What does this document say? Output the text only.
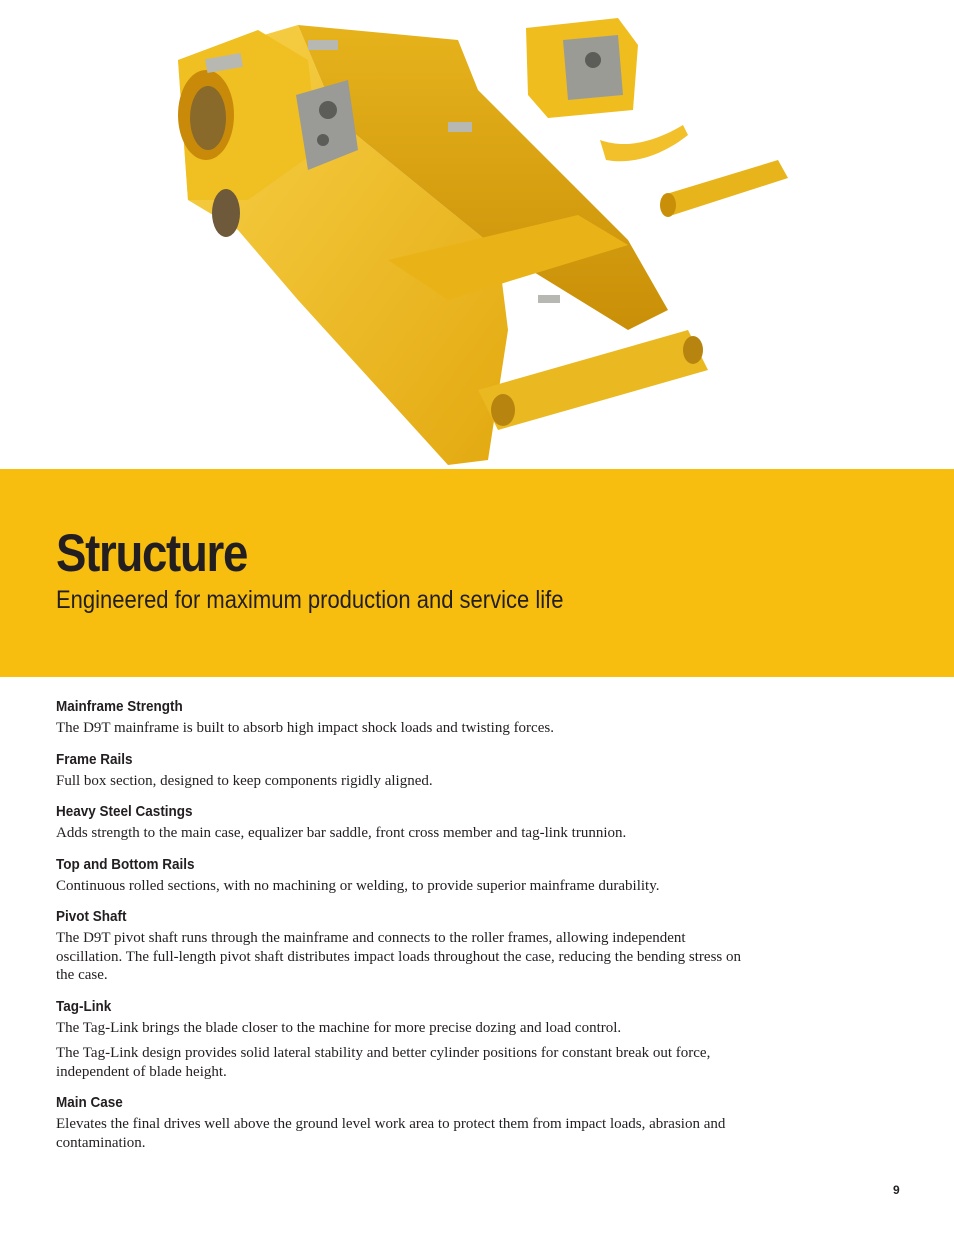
Structure
Engineered for maximum production and service life
Mainframe Strength

The D9T mainframe is built to absorb high impact shock loads and twisting forces.

Frame Rails

Full box section, designed to keep components rigidly aligned.

Heavy Steel Castings

Adds strength to the main case, equalizer bar saddle, front cross member and tag-link trunnion.

Top and Bottom Rails

Continuous rolled sections, with no machining or welding, to provide superior mainframe durability.

Pivot Shaft

The D9T pivot shaft runs through the mainframe and connects to the roller frames, allowing independent oscillation. The full-length pivot shaft distributes impact loads throughout the case, reducing the bending stress on the case.

Tag-Link

The Tag-Link brings the blade closer to the machine for more precise dozing and load control.

The Tag-Link design provides solid lateral stability and better cylinder positions for constant break out force, independent of blade height.

Main Case

Elevates the final drives well above the ground level work area to protect them from impact loads, abrasion and contamination.

9
